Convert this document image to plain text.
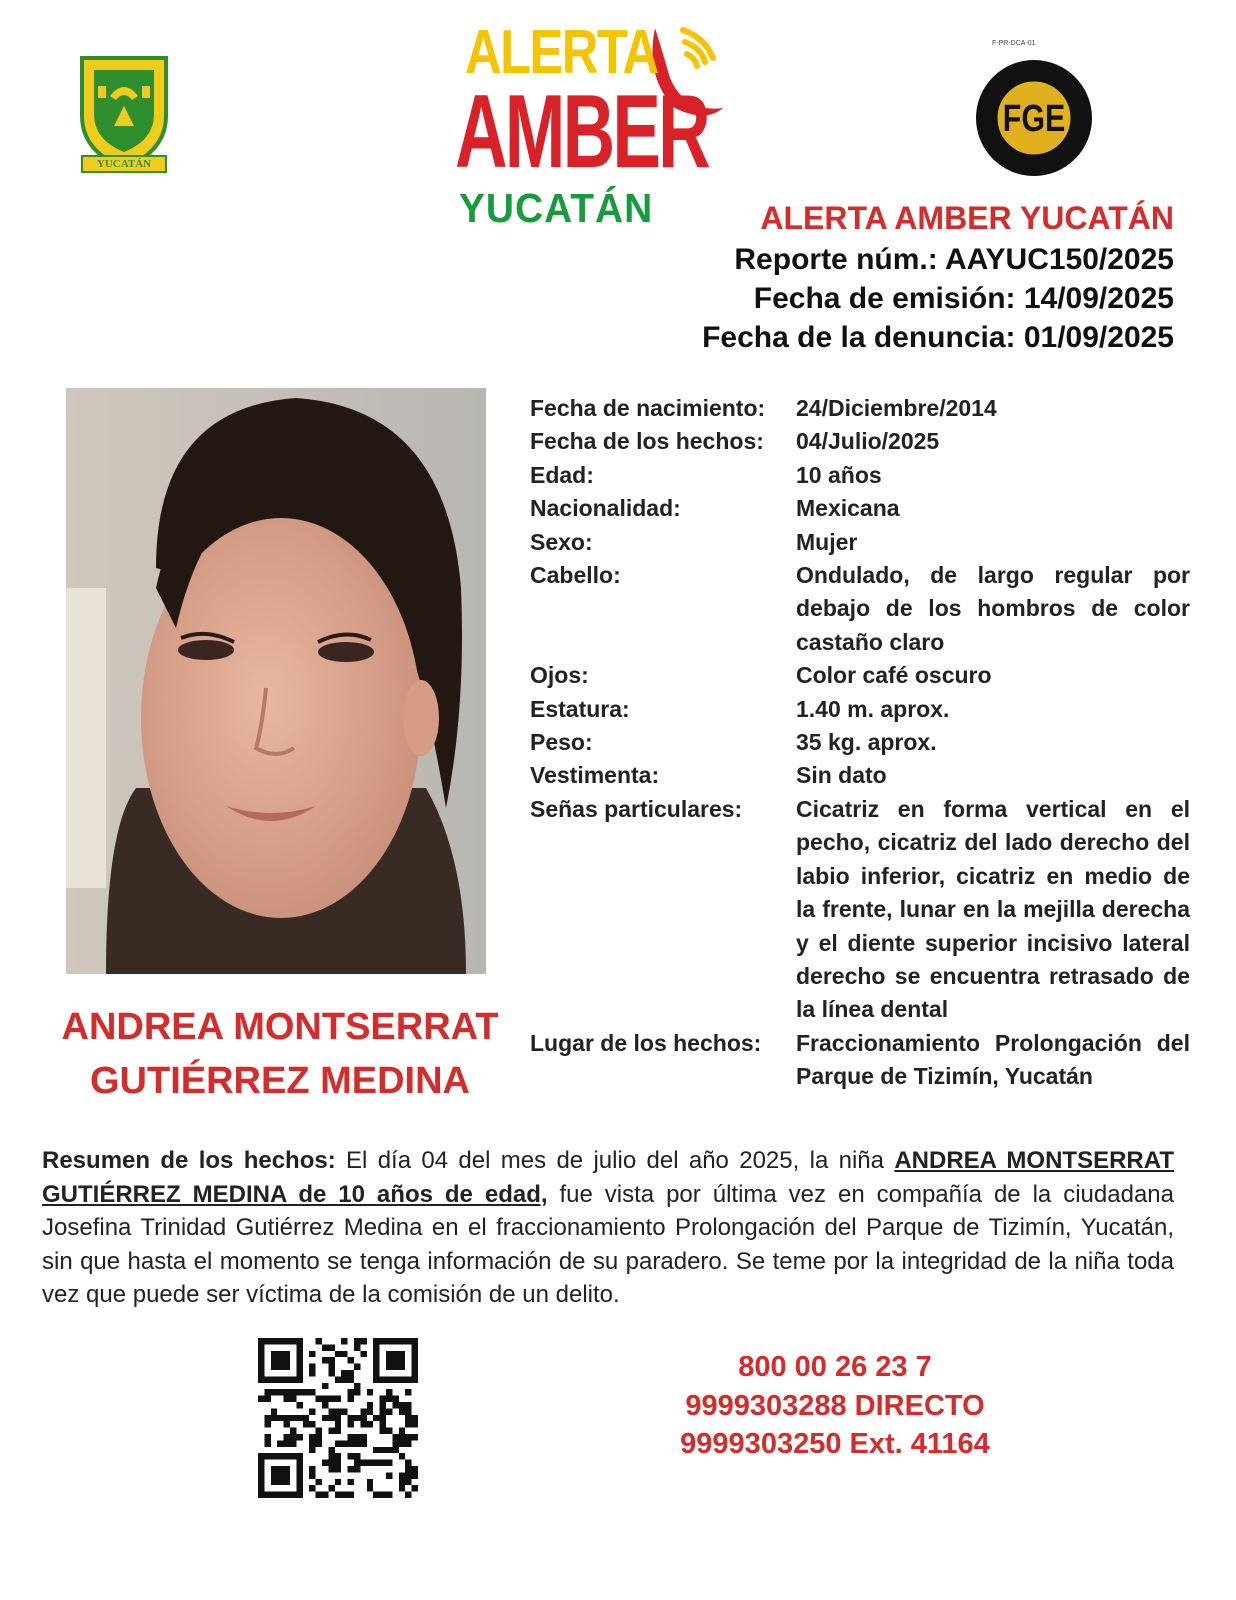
YUCATÁN
ALERTA
AMBER
YUCATÁN
F-PR-DCA-01
FGE
ALERTA AMBER YUCATÁN
Reporte núm.: AAYUC150/2025
Fecha de emisión: 14/09/2025
Fecha de la denuncia: 01/09/2025
ANDREA MONTSERRAT
GUTIÉRREZ MEDINA
Fecha de nacimiento:	24/Diciembre/2014
Fecha de los hechos:	04/Julio/2025
Edad:	10 años
Nacionalidad:	Mexicana
Sexo:	Mujer
Cabello:	Ondulado, de largo regular por debajo de los hombros de color castaño claro
Ojos:	Color café oscuro
Estatura:	1.40 m. aprox.
Peso:	35 kg. aprox.
Vestimenta:	Sin dato
Señas particulares:	Cicatriz en forma vertical en el pecho, cicatriz del lado derecho del labio inferior, cicatriz en medio de la frente, lunar en la mejilla derecha y el diente superior incisivo lateral derecho se encuentra retrasado de la línea dental
Lugar de los hechos:	Fraccionamiento Prolongación del Parque de Tizimín, Yucatán
Resumen de los hechos: El día 04 del mes de julio del año 2025, la niña ANDREA MONTSERRAT GUTIÉRREZ MEDINA de 10 años de edad, fue vista por última vez en compañía de la ciudadana Josefina Trinidad Gutiérrez Medina en el fraccionamiento Prolongación del Parque de Tizimín, Yucatán, sin que hasta el momento se tenga información de su paradero. Se teme por la integridad de la niña toda vez que puede ser víctima de la comisión de un delito.
800 00 26 23 7
9999303288 DIRECTO
9999303250 Ext. 41164
